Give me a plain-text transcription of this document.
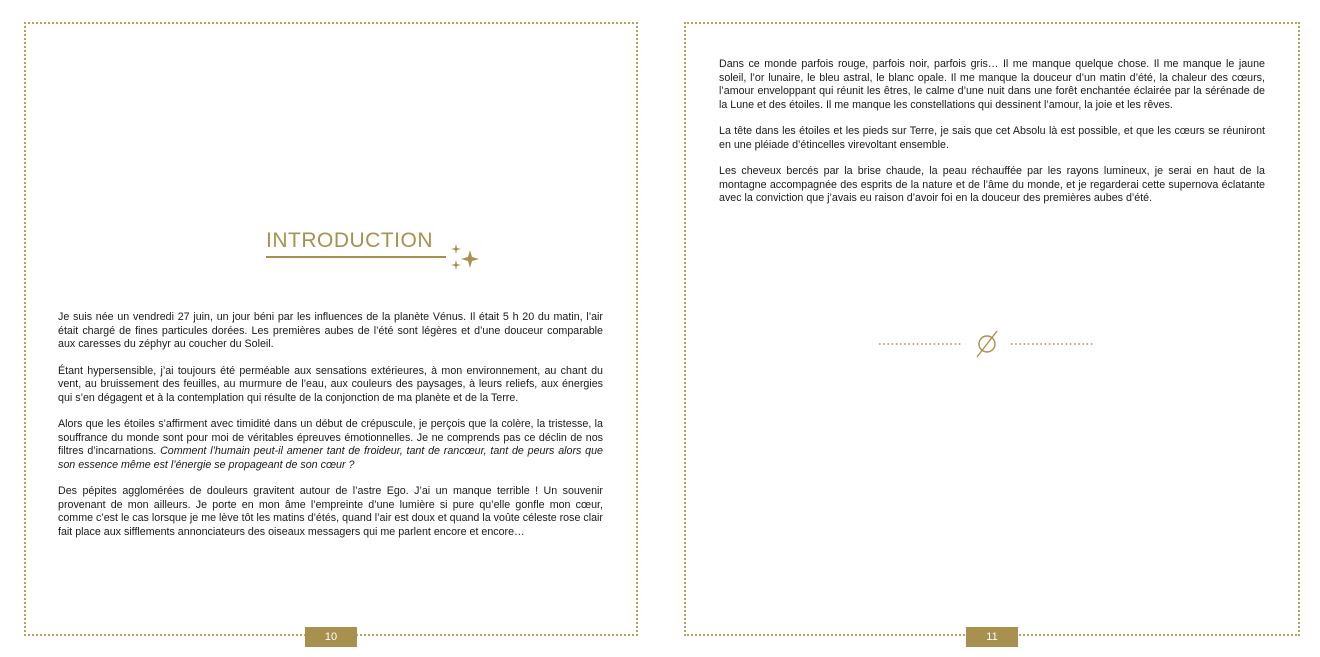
INTRODUCTION

Je suis née un vendredi 27 juin, un jour béni par les influences de la planète Vénus. Il était 5 h 20 du matin, l’air était chargé de fines particules dorées. Les premières aubes de l’été sont légères et d’une douceur comparable aux caresses du zéphyr au coucher du Soleil.

Étant hypersensible, j’ai toujours été perméable aux sensations extérieures, à mon environnement, au chant du vent, au bruissement des feuilles, au murmure de l’eau, aux couleurs des paysages, à leurs reliefs, aux énergies qui s’en dégagent et à la contemplation qui résulte de la conjonction de ma planète et de la Terre.

Alors que les étoiles s’affirment avec timidité dans un début de crépuscule, je perçois que la colère, la tristesse, la souffrance du monde sont pour moi de véritables épreuves émotionnelles. Je ne comprends pas ce déclin de nos filtres d’incarnations. Comment l’humain peut-il amener tant de froideur, tant de rancœur, tant de peurs alors que son essence même est l’énergie se propageant de son cœur ?

Des pépites agglomérées de douleurs gravitent autour de l’astre Ego. J’ai un manque terrible ! Un souvenir provenant de mon ailleurs. Je porte en mon âme l’empreinte d’une lumière si pure qu’elle gonfle mon cœur, comme c’est le cas lorsque je me lève tôt les matins d’étés, quand l’air est doux et quand la voûte céleste rose clair fait place aux sifflements annonciateurs des oiseaux messagers qui me parlent encore et encore…

10

Dans ce monde parfois rouge, parfois noir, parfois gris… Il me manque quelque chose. Il me manque le jaune soleil, l’or lunaire, le bleu astral, le blanc opale. Il me manque la douceur d’un matin d’été, la chaleur des cœurs, l’amour enveloppant qui réunit les êtres, le calme d’une nuit dans une forêt enchantée éclairée par la sérénade de la Lune et des étoiles. Il me manque les constellations qui dessinent l’amour, la joie et les rêves.

La tête dans les étoiles et les pieds sur Terre, je sais que cet Absolu là est possible, et que les cœurs se réuniront en une pléiade d’étincelles virevoltant ensemble.

Les cheveux bercés par la brise chaude, la peau réchauffée par les rayons lumineux, je serai en haut de la montagne accompagnée des esprits de la nature et de l’âme du monde, et je regarderai cette supernova éclatante avec la conviction que j’avais eu raison d’avoir foi en la douceur des premières aubes d’été.

11
